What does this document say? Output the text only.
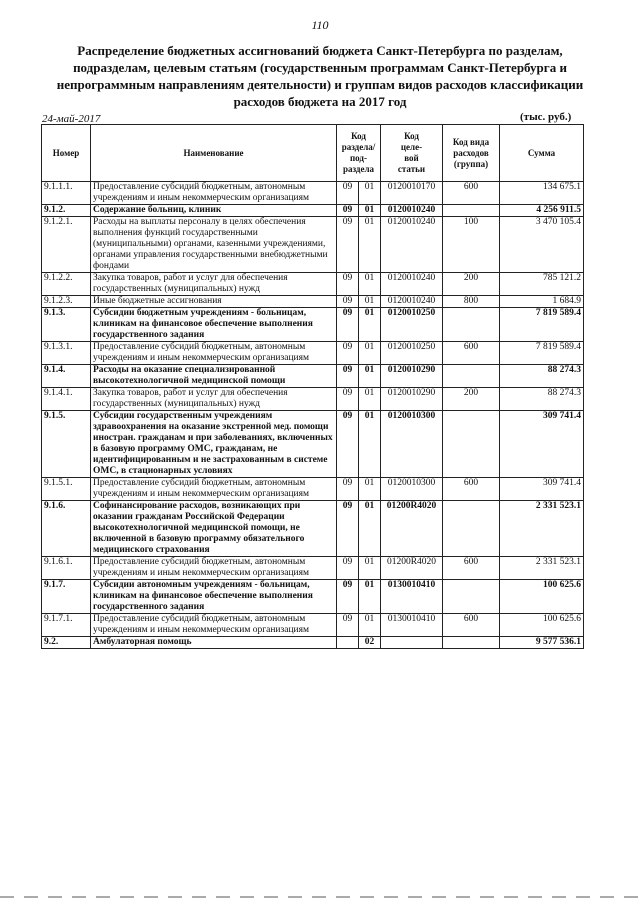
110
Распределение бюджетных ассигнований бюджета Санкт-Петербурга по разделам,
подразделам, целевым статьям (государственным программам Санкт-Петербурга и
непрограммным направлениям деятельности) и группам видов расходов классификации
расходов бюджета на 2017 год
24-май-2017	(тыс. руб.)
Номер	Наименование	Код
раздела/
под-
раздела		Код
целе-
вой
статьи	Код вида
расходов
(группа)	Сумма
9.1.1.1.	Предоставление субсидий бюджетным, автономным учреждениям и иным некоммерческим организациям	09	01	0120010170	600	134 675.1
9.1.2.	Содержание больниц, клиник	09	01	0120010240		4 256 911.5
9.1.2.1.	Расходы на выплаты персоналу в целях обеспечения выполнения функций государственными (муниципальными) органами, казенными учреждениями, органами управления государственными внебюджетными фондами	09	01	0120010240	100	3 470 105.4
9.1.2.2.	Закупка товаров, работ и услуг для обеспечения государственных (муниципальных) нужд	09	01	0120010240	200	785 121.2
9.1.2.3.	Иные бюджетные ассигнования	09	01	0120010240	800	1 684.9
9.1.3.	Субсидии бюджетным учреждениям - больницам, клиникам на финансовое обеспечение выполнения государственного задания	09	01	0120010250		7 819 589.4
9.1.3.1.	Предоставление субсидий бюджетным, автономным учреждениям и иным некоммерческим организациям	09	01	0120010250	600	7 819 589.4
9.1.4.	Расходы на оказание специализированной высокотехнологичной медицинской помощи	09	01	0120010290		88 274.3
9.1.4.1.	Закупка товаров, работ и услуг для обеспечения государственных (муниципальных) нужд	09	01	0120010290	200	88 274.3
9.1.5.	Субсидии государственным учреждениям здравоохранения на оказание экстренной мед. помощи иностран. гражданам и при заболеваниях, включенных в базовую программу ОМС, гражданам, не идентифицированным и не застрахованным в системе ОМС, в стационарных условиях	09	01	0120010300		309 741.4
9.1.5.1.	Предоставление субсидий бюджетным, автономным учреждениям и иным некоммерческим организациям	09	01	0120010300	600	309 741.4
9.1.6.	Софинансирование расходов, возникающих при оказании гражданам Российской Федерации высокотехнологичной медицинской помощи, не включенной в базовую программу обязательного медицинского страхования	09	01	01200R4020		2 331 523.1
9.1.6.1.	Предоставление субсидий бюджетным, автономным учреждениям и иным некоммерческим организациям	09	01	01200R4020	600	2 331 523.1
9.1.7.	Субсидии автономным учреждениям - больницам, клиникам на финансовое обеспечение выполнения государственного задания	09	01	0130010410		100 625.6
9.1.7.1.	Предоставление субсидий бюджетным, автономным учреждениям и иным некоммерческим организациям	09	01	0130010410	600	100 625.6
9.2.	Амбулаторная помощь		02			9 577 536.1
